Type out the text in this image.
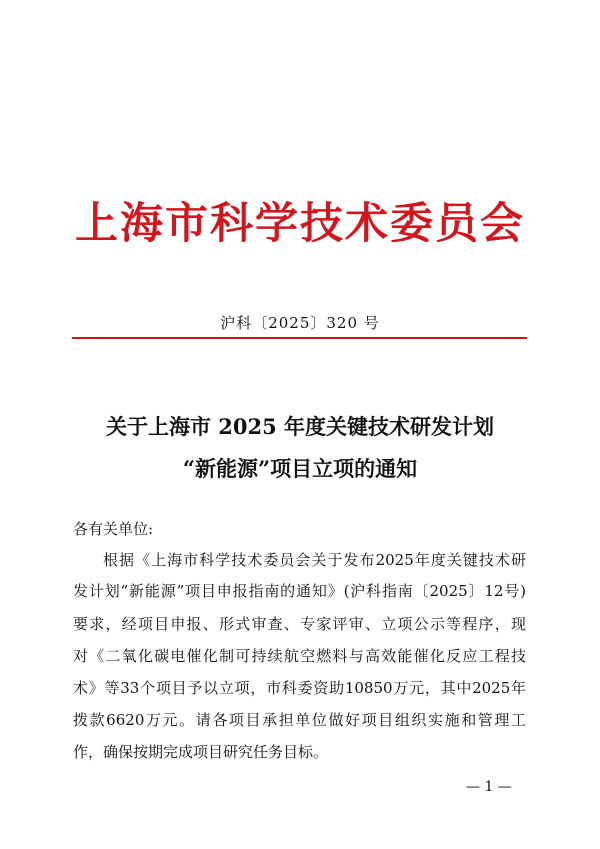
上海市科学技术委员会
沪科〔2025〕320 号
关于上海市 2025 年度关键技术研发计划
“新能源”项目立项的通知
各有关单位:
根据《上海市科学技术委员会关于发布2025年度关键技术研
发计划“新能源”项目申报指南的通知》(沪科指南〔2025〕12号)
要求，经项目申报、形式审查、专家评审、立项公示等程序，现
对《二氧化碳电催化制可持续航空燃料与高效能催化反应工程技
术》等33个项目予以立项，市科委资助10850万元，其中2025年
拨款6620万元。请各项目承担单位做好项目组织实施和管理工
作，确保按期完成项目研究任务目标。
— 1 —
